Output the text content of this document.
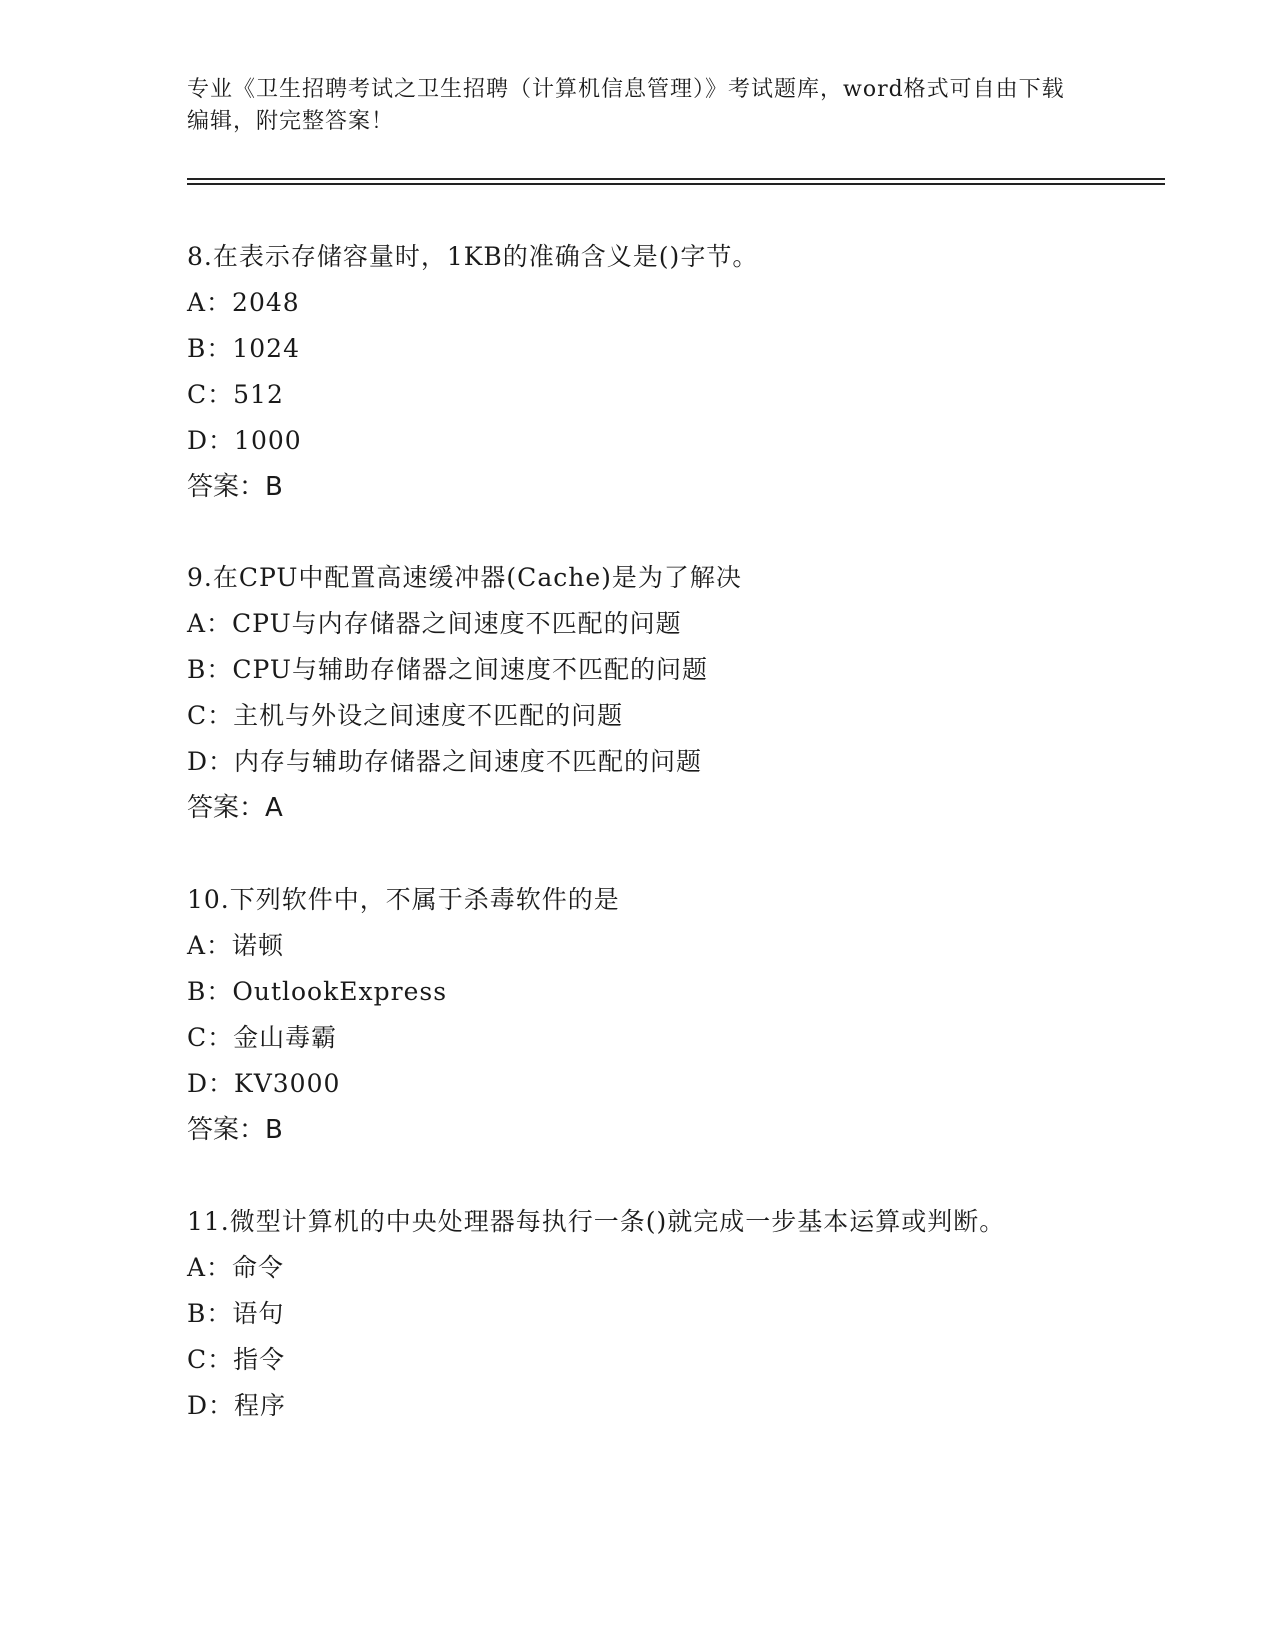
专业《卫生招聘考试之卫生招聘（计算机信息管理）》考试题库，word格式可自由下载编辑，附完整答案！
8.在表示存储容量时，1KB的准确含义是()字节。
A：2048
B：1024
C：512
D：1000
答案：B
9.在CPU中配置高速缓冲器(Cache)是为了解决
A：CPU与内存储器之间速度不匹配的问题
B：CPU与辅助存储器之间速度不匹配的问题
C：主机与外设之间速度不匹配的问题
D：内存与辅助存储器之间速度不匹配的问题
答案：A
10.下列软件中，不属于杀毒软件的是
A：诺顿
B：OutlookExpress
C：金山毒霸
D：KV3000
答案：B
11.微型计算机的中央处理器每执行一条()就完成一步基本运算或判断。
A：命令
B：语句
C：指令
D：程序
